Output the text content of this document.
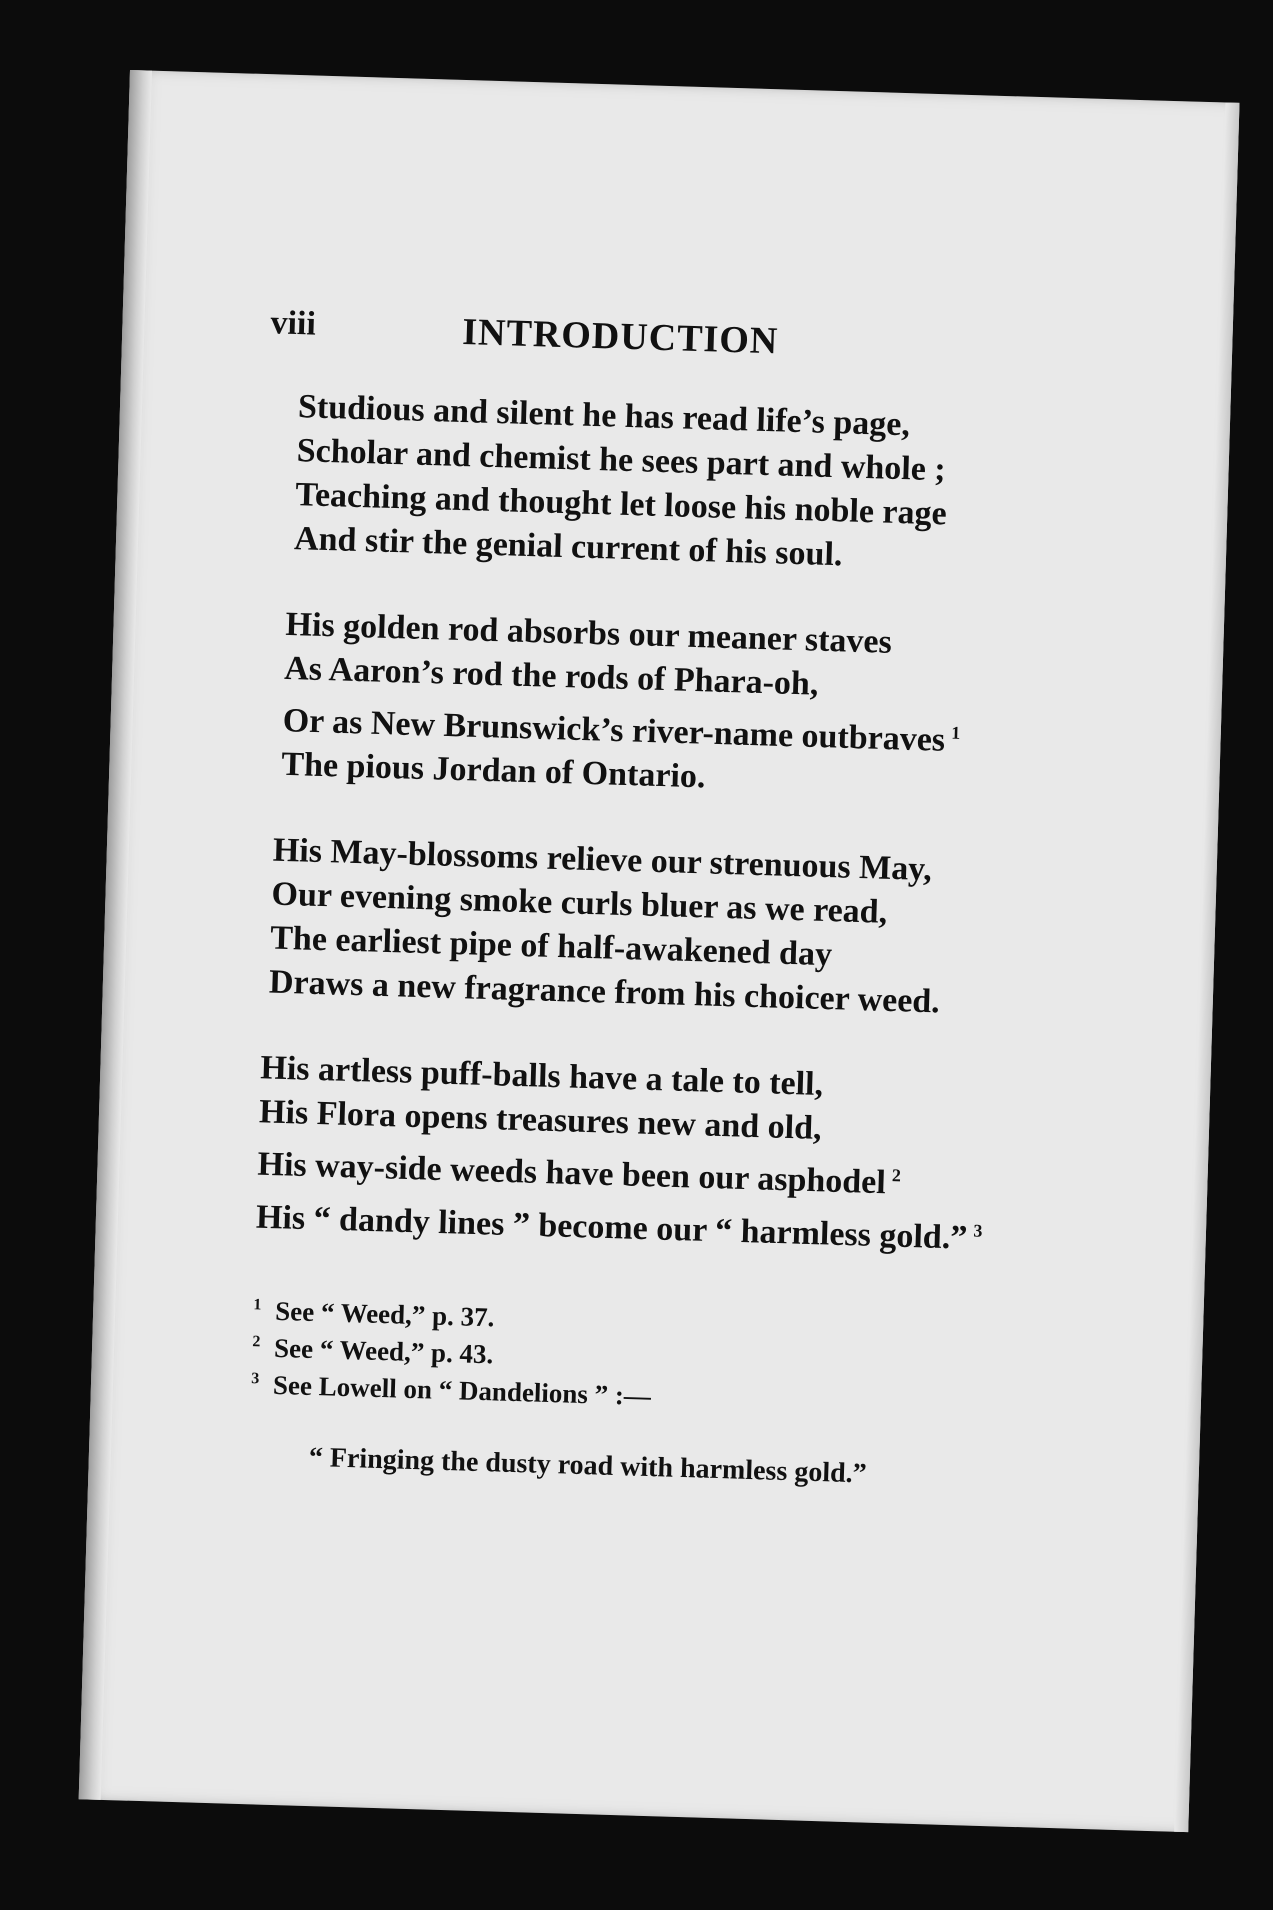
viii	INTRODUCTION
Studious and silent he has read life’s page,
Scholar and chemist he sees part and whole ;
Teaching and thought let loose his noble rage
And stir the genial current of his soul.
His golden rod absorbs our meaner staves
As Aaron’s rod the rods of Phara-oh,
Or as New Brunswick’s river-name outbraves $^1$
The pious Jordan of Ontario.
His May-blossoms relieve our strenuous May,
Our evening smoke curls bluer as we read,
The earliest pipe of half-awakened day
Draws a new fragrance from his choicer weed.
His artless puff-balls have a tale to tell,
His Flora opens treasures new and old,
His way-side weeds have been our asphodel $^2$
His “ dandy lines ” become our “ harmless gold.” $^3$
1 See “ Weed,” p. 37.
2 See “ Weed,” p. 43.
3 See Lowell on “ Dandelions ” :—
“ Fringing the dusty road with harmless gold.”
